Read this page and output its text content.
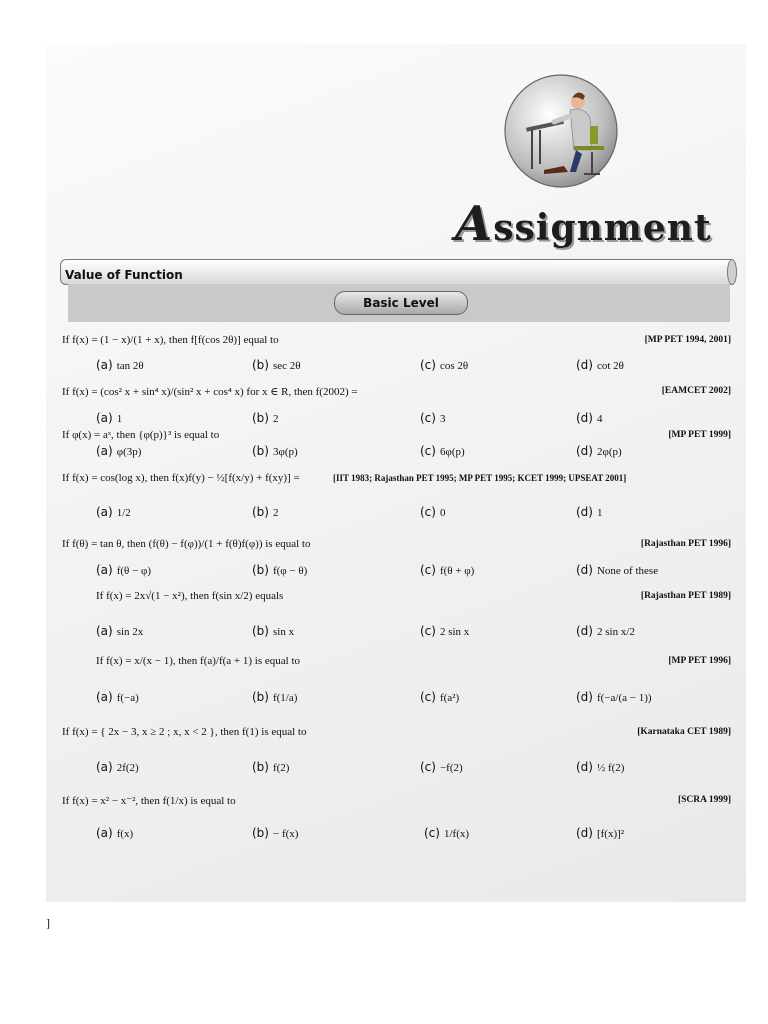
Assignment
Value of Function
Basic Level
If f(x) = (1 − x)/(1 + x), then f[f(cos 2θ)] equal to	[MP PET 1994, 2001]
(a) tan 2θ	(b) sec 2θ	(c) cos 2θ	(d) cot 2θ
If f(x) = (cos² x + sin⁴ x)/(sin² x + cos⁴ x) for x ∈ R, then f(2002) =	[EAMCET 2002]
(a) 1	(b) 2	(c) 3	(d) 4
If φ(x) = aˣ, then {φ(p)}³ is equal to	[MP PET 1999]
(a) φ(3p)	(b) 3φ(p)	(c) 6φ(p)	(d) 2φ(p)
If f(x) = cos(log x), then f(x)f(y) − ½[f(x/y) + f(xy)] =	[IIT 1983; Rajasthan PET 1995; MP PET 1995; KCET 1999; UPSEAT 2001]
(a) 1/2	(b) 2	(c) 0	(d) 1
If f(θ) = tan θ, then (f(θ) − f(φ))/(1 + f(θ)f(φ)) is equal to	[Rajasthan PET 1996]
(a) f(θ − φ)	(b) f(φ − θ)	(c) f(θ + φ)	(d) None of these
If f(x) = 2x√(1 − x²), then f(sin x/2) equals	[Rajasthan PET 1989]
(a) sin 2x	(b) sin x	(c) 2 sin x	(d) 2 sin x/2
If f(x) = x/(x − 1), then f(a)/f(a + 1) is equal to	[MP PET 1996]
(a) f(−a)	(b) f(1/a)	(c) f(a²)	(d) f(−a/(a − 1))
If f(x) = { 2x − 3, x ≥ 2 ; x, x < 2 }, then f(1) is equal to	[Karnataka CET 1989]
(a) 2f(2)	(b) f(2)	(c) −f(2)	(d) ½ f(2)
If f(x) = x² − x⁻², then f(1/x) is equal to	[SCRA 1999]
(a) f(x)	(b) − f(x)	(c) 1/f(x)	(d) [f(x)]²
]
